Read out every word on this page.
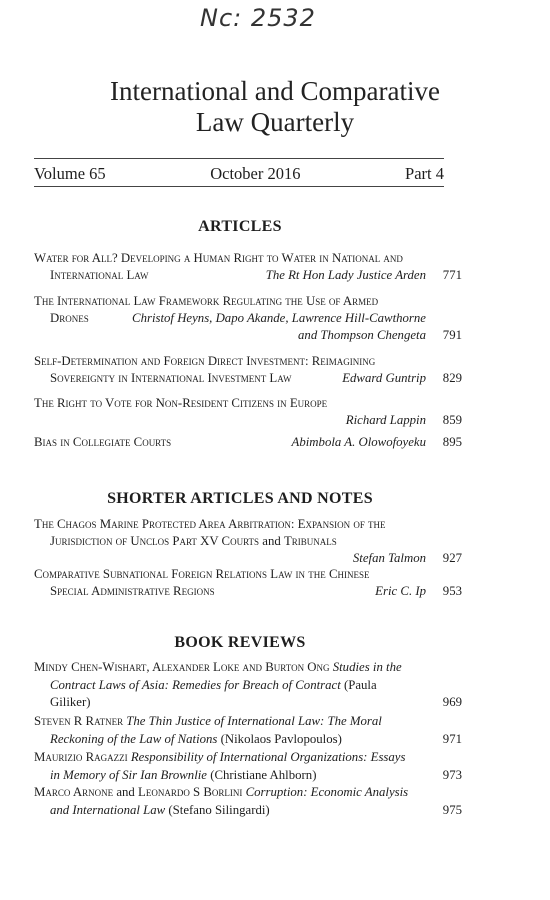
Nc: 2532
International and Comparative
Law Quarterly
Volume 65	October 2016	Part 4
ARTICLES
Water for All? Developing a Human Right to Water in National and
International Law	The Rt Hon Lady Justice Arden 771
The International Law Framework Regulating the Use of Armed
Drones	Christof Heyns, Dapo Akande, Lawrence Hill-Cawthorne
and Thompson Chengeta 791
Self-Determination and Foreign Direct Investment: Reimagining
Sovereignty in International Investment Law	Edward Guntrip 829
The Right to Vote for Non-Resident Citizens in Europe
Richard Lappin 859
Bias in Collegiate Courts	Abimbola A. Olowofoyeku 895
SHORTER ARTICLES AND NOTES
The Chagos Marine Protected Area Arbitration: Expansion of the
Jurisdiction of Unclos Part XV Courts and Tribunals
Stefan Talmon 927
Comparative Subnational Foreign Relations Law in the Chinese
Special Administrative Regions	Eric C. Ip 953
BOOK REVIEWS
Mindy Chen-Wishart, Alexander Loke and Burton Ong Studies in the
Contract Laws of Asia: Remedies for Breach of Contract (Paula
Giliker)	969
Steven R Ratner The Thin Justice of International Law: The Moral
Reckoning of the Law of Nations (Nikolaos Pavlopoulos)	971
Maurizio Ragazzi Responsibility of International Organizations: Essays
in Memory of Sir Ian Brownlie (Christiane Ahlborn)	973
Marco Arnone and Leonardo S Borlini Corruption: Economic Analysis
and International Law (Stefano Silingardi)	975
